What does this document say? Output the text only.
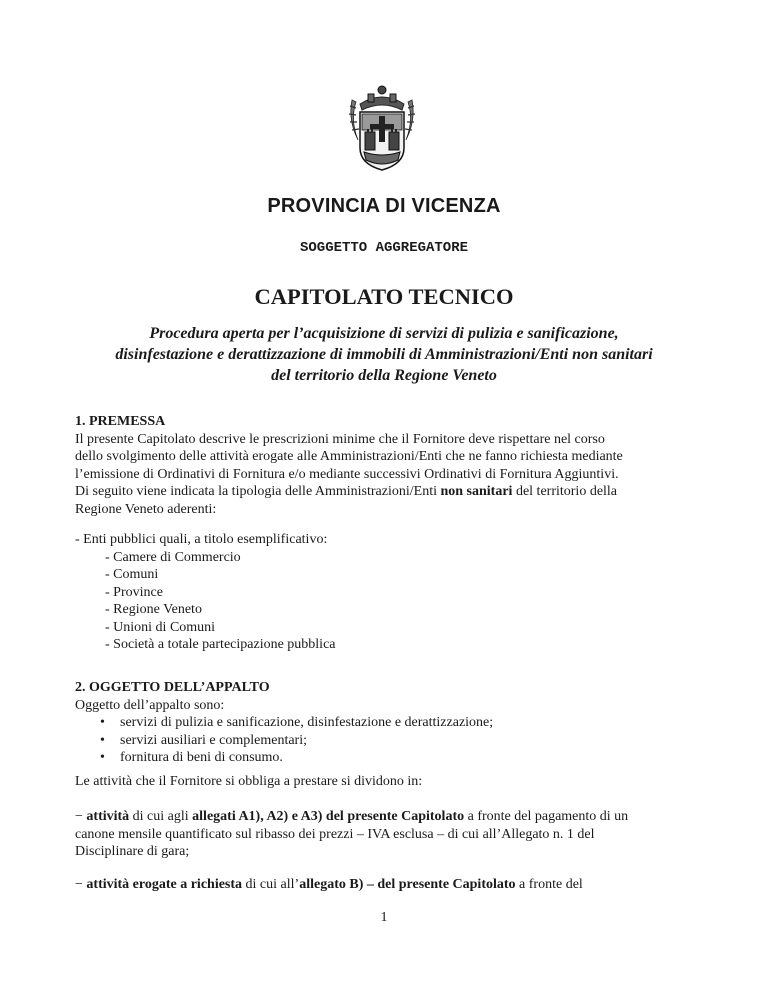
PROVINCIA DI VICENZA
SOGGETTO AGGREGATORE
CAPITOLATO TECNICO
Procedura aperta per l’acquisizione di servizi di pulizia e sanificazione,
disinfestazione e derattizzazione di immobili di Amministrazioni/Enti non sanitari
del territorio della Regione Veneto
1. PREMESSA
Il presente Capitolato descrive le prescrizioni minime che il Fornitore deve rispettare nel corso
dello svolgimento delle attività erogate alle Amministrazioni/Enti che ne fanno richiesta mediante
l’emissione di Ordinativi di Fornitura e/o mediante successivi Ordinativi di Fornitura Aggiuntivi.
Di seguito viene indicata la tipologia delle Amministrazioni/Enti non sanitari del territorio della
Regione Veneto aderenti:
- Enti pubblici quali, a titolo esemplificativo:
- Camere di Commercio
- Comuni
- Province
- Regione Veneto
- Unioni di Comuni
- Società a totale partecipazione pubblica
2. OGGETTO DELL’APPALTO
Oggetto dell’appalto sono:
• servizi di pulizia e sanificazione, disinfestazione e derattizzazione;
• servizi ausiliari e complementari;
• fornitura di beni di consumo.
Le attività che il Fornitore si obbliga a prestare si dividono in:
− attività di cui agli allegati A1), A2) e A3) del presente Capitolato a fronte del pagamento di un
canone mensile quantificato sul ribasso dei prezzi – IVA esclusa – di cui all’Allegato n. 1 del
Disciplinare di gara;
− attività erogate a richiesta di cui all’allegato B) – del presente Capitolato a fronte del
1
